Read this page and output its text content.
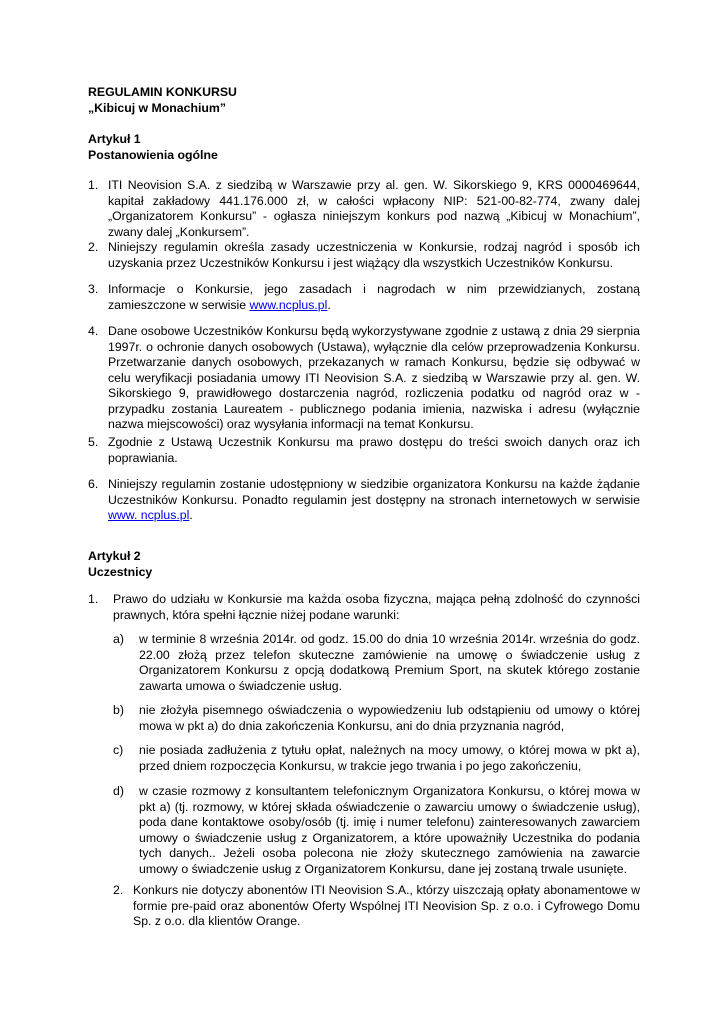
REGULAMIN KONKURSU
„Kibicuj w Monachium”
Artykuł 1
Postanowienia ogólne
1. ITI Neovision S.A. z siedzibą w Warszawie przy al. gen. W. Sikorskiego 9, KRS 0000469644, kapitał zakładowy 441.176.000 zł, w całości wpłacony NIP: 521-00-82-774, zwany dalej „Organizatorem Konkursu” - ogłasza niniejszym konkurs pod nazwą „Kibicuj w Monachium”, zwany dalej „Konkursem”.
2. Niniejszy regulamin określa zasady uczestniczenia w Konkursie, rodzaj nagród i sposób ich uzyskania przez Uczestników Konkursu i jest wiążący dla wszystkich Uczestników Konkursu.
3. Informacje o Konkursie, jego zasadach i nagrodach w nim przewidzianych, zostaną zamieszczone w serwisie www.ncplus.pl.
4. Dane osobowe Uczestników Konkursu będą wykorzystywane zgodnie z ustawą z dnia 29 sierpnia 1997r. o ochronie danych osobowych (Ustawa), wyłącznie dla celów przeprowadzenia Konkursu. Przetwarzanie danych osobowych, przekazanych w ramach Konkursu, będzie się odbywać w celu weryfikacji posiadania umowy ITI Neovision S.A. z siedzibą w Warszawie przy al. gen. W. Sikorskiego 9, prawidłowego dostarczenia nagród, rozliczenia podatku od nagród oraz w - przypadku zostania Laureatem - publicznego podania imienia, nazwiska i adresu (wyłącznie nazwa miejscowości) oraz wysyłania informacji na temat Konkursu.
5. Zgodnie z Ustawą Uczestnik Konkursu ma prawo dostępu do treści swoich danych oraz ich poprawiania.
6. Niniejszy regulamin zostanie udostępniony w siedzibie organizatora Konkursu na każde żądanie Uczestników Konkursu. Ponadto regulamin jest dostępny na stronach internetowych w serwisie www. ncplus.pl.
Artykuł 2
Uczestnicy
1. Prawo do udziału w Konkursie ma każda osoba fizyczna, mająca pełną zdolność do czynności prawnych, która spełni łącznie niżej podane warunki:
a) w terminie 8 września 2014r. od godz. 15.00 do dnia 10 września 2014r. września do godz. 22.00 złożą przez telefon skuteczne zamówienie na umowę o świadczenie usług z Organizatorem Konkursu z opcją dodatkową Premium Sport, na skutek którego zostanie zawarta umowa o świadczenie usług.
b) nie złożyła pisemnego oświadczenia o wypowiedzeniu lub odstąpieniu od umowy o której mowa w pkt a) do dnia zakończenia Konkursu, ani do dnia przyznania nagród,
c) nie posiada zadłużenia z tytułu opłat, należnych na mocy umowy, o której mowa w pkt a), przed dniem rozpoczęcia Konkursu, w trakcie jego trwania i po jego zakończeniu,
d) w czasie rozmowy z konsultantem telefonicznym Organizatora Konkursu, o której mowa w pkt a) (tj. rozmowy, w której składa oświadczenie o zawarciu umowy o świadczenie usług), poda dane kontaktowe osoby/osób (tj. imię i numer telefonu) zainteresowanych zawarciem umowy o świadczenie usług z Organizatorem, a które upoważniły Uczestnika do podania tych danych.. Jeżeli osoba polecona nie złoży skutecznego zamówienia na zawarcie umowy o świadczenie usług z Organizatorem Konkursu, dane jej zostaną trwale usunięte.
2. Konkurs nie dotyczy abonentów ITI Neovision S.A., którzy uiszczają opłaty abonamentowe w formie pre-paid oraz abonentów Oferty Wspólnej ITI Neovision Sp. z o.o. i Cyfrowego Domu Sp. z o.o. dla klientów Orange.
